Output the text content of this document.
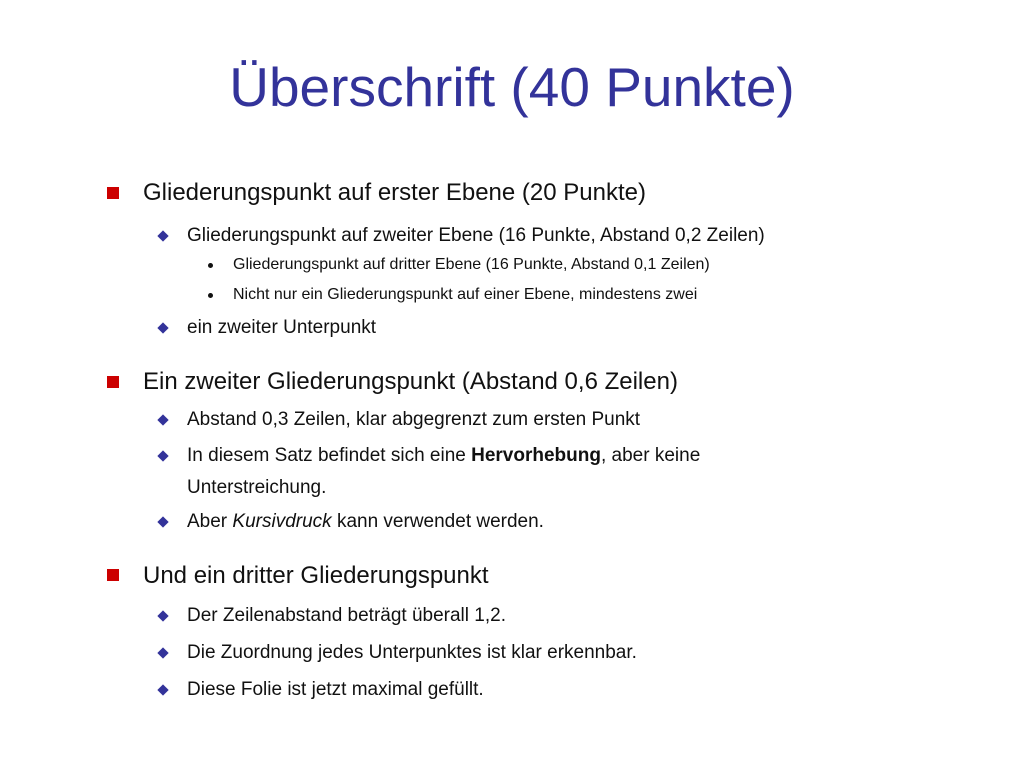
Überschrift (40 Punkte)
Gliederungspunkt auf erster Ebene (20 Punkte)
Gliederungspunkt auf zweiter Ebene (16 Punkte, Abstand 0,2 Zeilen)
Gliederungspunkt auf dritter Ebene (16 Punkte, Abstand 0,1 Zeilen)
Nicht nur ein Gliederungspunkt auf einer Ebene, mindestens zwei
ein zweiter Unterpunkt
Ein zweiter Gliederungspunkt (Abstand 0,6 Zeilen)
Abstand 0,3 Zeilen, klar abgegrenzt zum ersten Punkt
In diesem Satz befindet sich eine Hervorhebung, aber keine
Unterstreichung.
Aber Kursivdruck kann verwendet werden.
Und ein dritter Gliederungspunkt
Der Zeilenabstand beträgt überall 1,2.
Die Zuordnung jedes Unterpunktes ist klar erkennbar.
Diese Folie ist jetzt maximal gefüllt.
